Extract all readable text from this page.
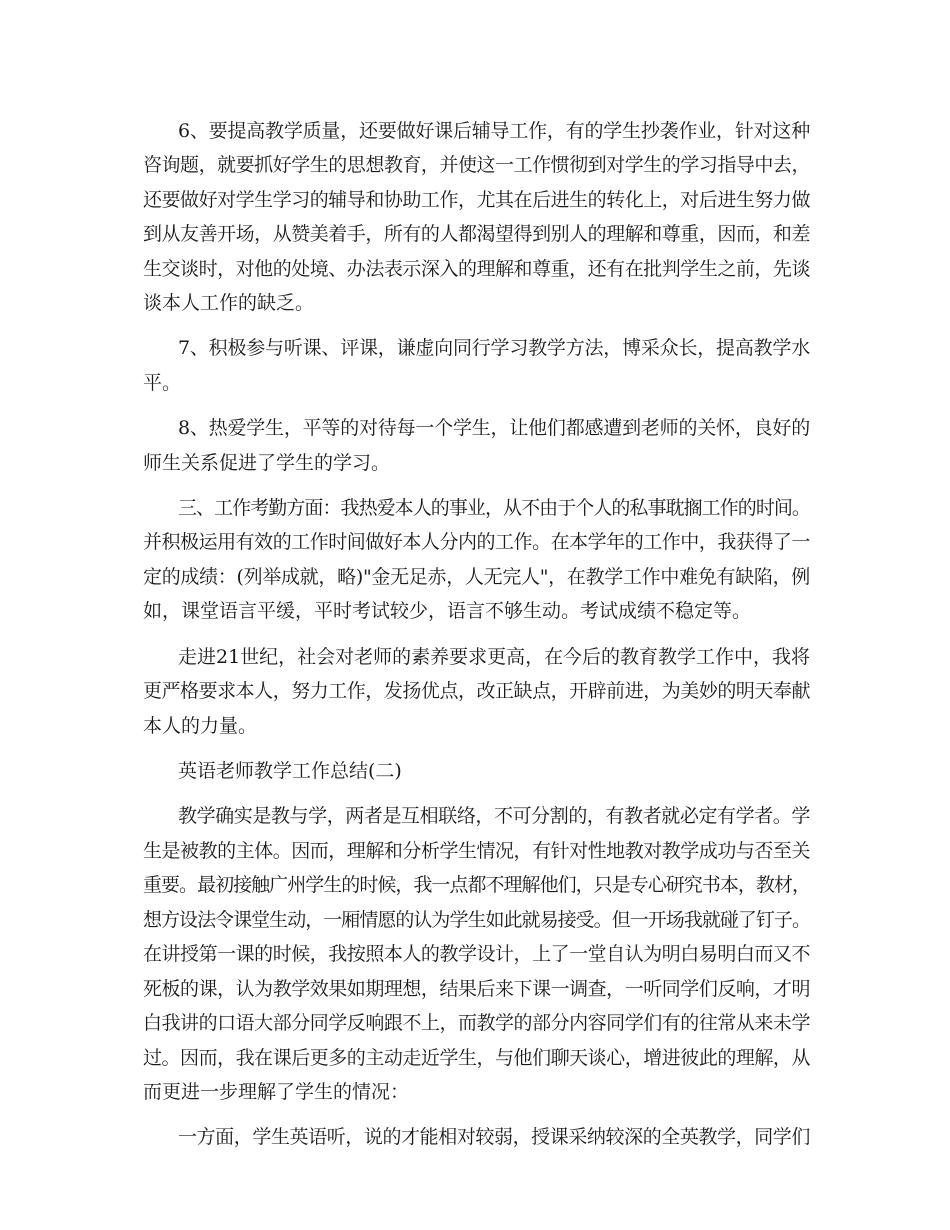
6、要提高教学质量，还要做好课后辅导工作，有的学生抄袭作业，针对这种
咨询题，就要抓好学生的思想教育，并使这一工作惯彻到对学生的学习指导中去，
还要做好对学生学习的辅导和协助工作，尤其在后进生的转化上，对后进生努力做
到从友善开场，从赞美着手，所有的人都渴望得到别人的理解和尊重，因而，和差
生交谈时，对他的处境、办法表示深入的理解和尊重，还有在批判学生之前，先谈
谈本人工作的缺乏。
7、积极参与听课、评课，谦虚向同行学习教学方法，博采众长，提高教学水
平。
8、热爱学生，平等的对待每一个学生，让他们都感遭到老师的关怀，良好的
师生关系促进了学生的学习。
三、工作考勤方面：我热爱本人的事业，从不由于个人的私事耽搁工作的时间。
并积极运用有效的工作时间做好本人分内的工作。在本学年的工作中，我获得了一
定的成绩：(列举成就，略)"金无足赤，人无完人"，在教学工作中难免有缺陷，例
如，课堂语言平缓，平时考试较少，语言不够生动。考试成绩不稳定等。
走进21世纪，社会对老师的素养要求更高，在今后的教育教学工作中，我将
更严格要求本人，努力工作，发扬优点，改正缺点，开辟前进，为美妙的明天奉献
本人的力量。
英语老师教学工作总结(二)
教学确实是教与学，两者是互相联络，不可分割的，有教者就必定有学者。学
生是被教的主体。因而，理解和分析学生情况，有针对性地教对教学成功与否至关
重要。最初接触广州学生的时候，我一点都不理解他们，只是专心研究书本，教材，
想方设法令课堂生动，一厢情愿的认为学生如此就易接受。但一开场我就碰了钉子。
在讲授第一课的时候，我按照本人的教学设计，上了一堂自认为明白易明白而又不
死板的课，认为教学效果如期理想，结果后来下课一调查，一听同学们反响，才明
白我讲的口语大部分同学反响跟不上，而教学的部分内容同学们有的往常从来未学
过。因而，我在课后更多的主动走近学生，与他们聊天谈心，增进彼此的理解，从
而更进一步理解了学生的情况：
一方面，学生英语听，说的才能相对较弱，授课采纳较深的全英教学，同学们
